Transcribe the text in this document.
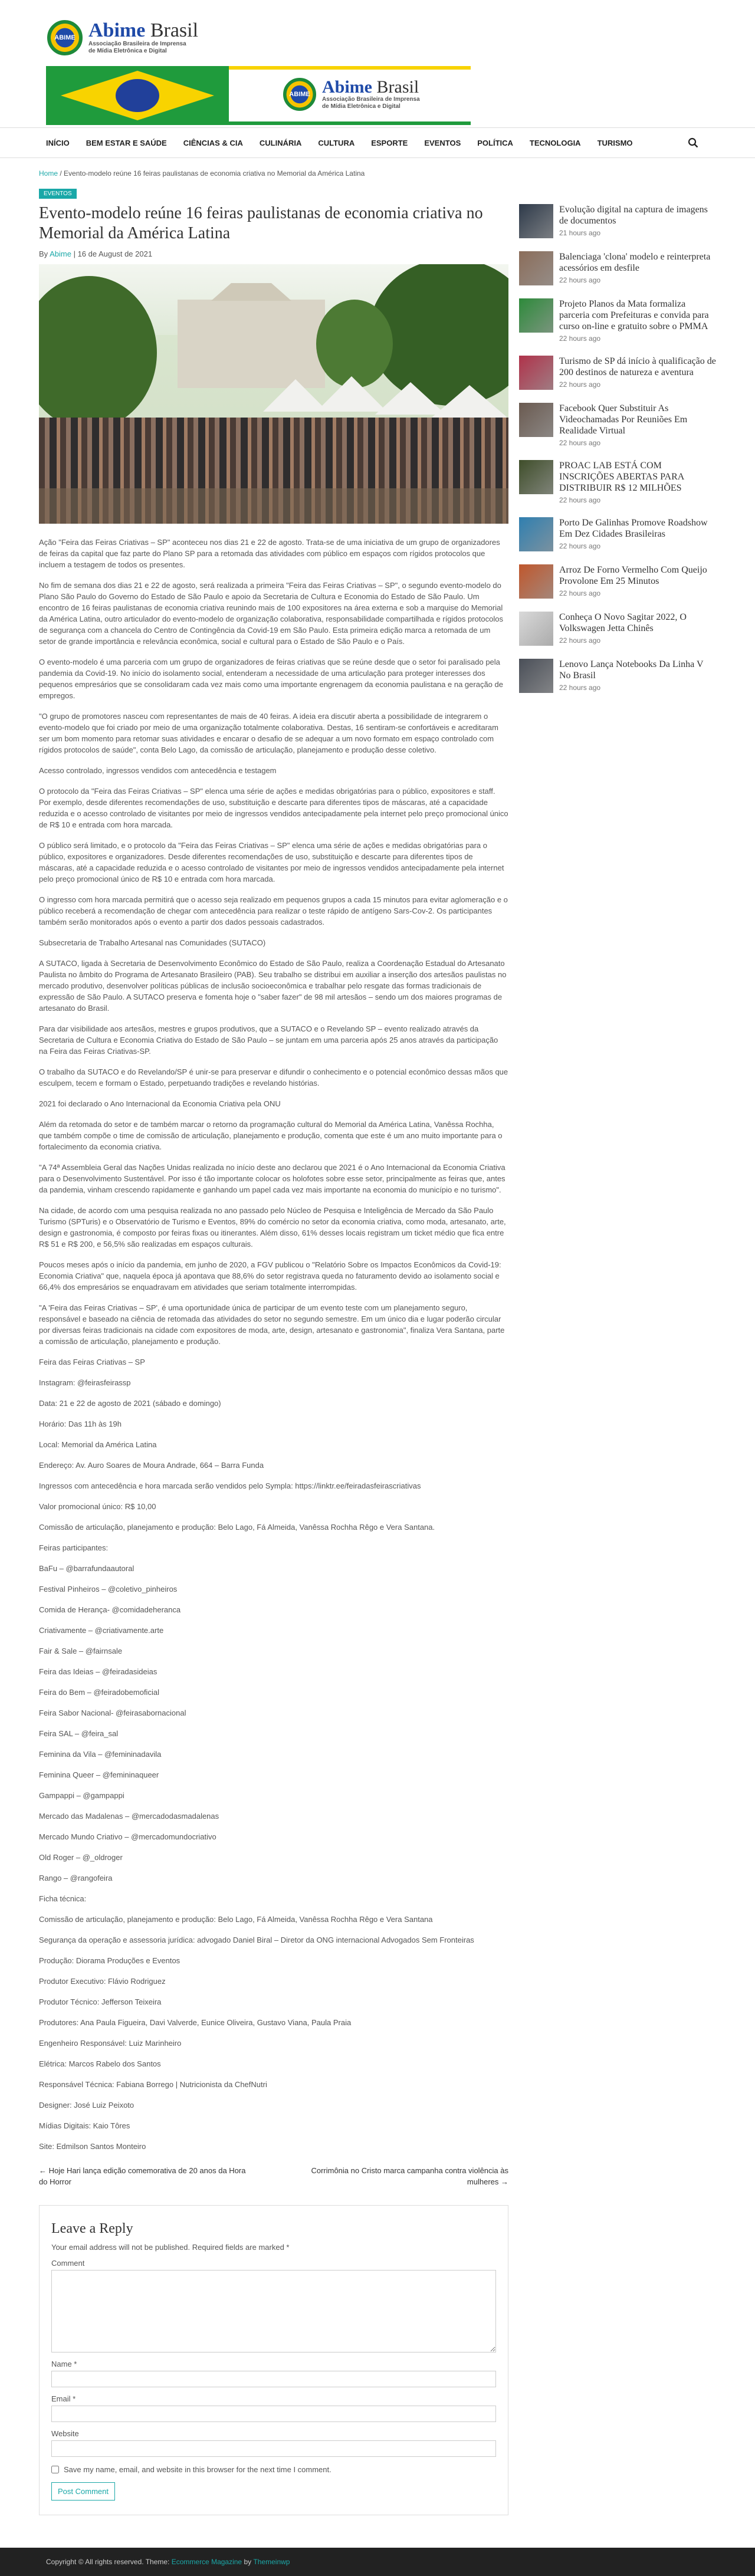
ABIME Abime Brasil
Associação Brasileira de Imprensa
de Mídia Eletrônica e Digital
ABIME Abime Brasil
Associação Brasileira de Imprensa
de Mídia Eletrônica e Digital
INÍCIO BEM ESTAR E SAÚDE CIÊNCIAS & CIA CULINÁRIA CULTURA ESPORTE EVENTOS POLÍTICA TECNOLOGIA TURISMO
Home / Evento-modelo reúne 16 feiras paulistanas de economia criativa no Memorial da América Latina
EVENTOS
Evento-modelo reúne 16 feiras paulistanas de economia criativa no Memorial da América Latina
By Abime | 16 de August de 2021

Ação "Feira das Feiras Criativas – SP" aconteceu nos dias 21 e 22 de agosto. Trata-se de uma iniciativa de um grupo de organizadores de feiras da capital que faz parte do Plano SP para a retomada das atividades com público em espaços com rígidos protocolos que incluem a testagem de todos os presentes.

No fim de semana dos dias 21 e 22 de agosto, será realizada a primeira "Feira das Feiras Criativas – SP", o segundo evento-modelo do Plano São Paulo do Governo do Estado de São Paulo e apoio da Secretaria de Cultura e Economia do Estado de São Paulo. Um encontro de 16 feiras paulistanas de economia criativa reunindo mais de 100 expositores na área externa e sob a marquise do Memorial da América Latina, outro articulador do evento-modelo de organização colaborativa, responsabilidade compartilhada e rígidos protocolos de segurança com a chancela do Centro de Contingência da Covid-19 em São Paulo. Esta primeira edição marca a retomada de um setor de grande importância e relevância econômica, social e cultural para o Estado de São Paulo e o País.

O evento-modelo é uma parceria com um grupo de organizadores de feiras criativas que se reúne desde que o setor foi paralisado pela pandemia da Covid-19. No início do isolamento social, entenderam a necessidade de uma articulação para proteger interesses dos pequenos empresários que se consolidaram cada vez mais como uma importante engrenagem da economia paulistana e na geração de empregos.

"O grupo de promotores nasceu com representantes de mais de 40 feiras. A ideia era discutir aberta a possibilidade de integrarem o evento-modelo que foi criado por meio de uma organização totalmente colaborativa. Destas, 16 sentiram-se confortáveis e acreditaram ser um bom momento para retomar suas atividades e encarar o desafio de se adequar a um novo formato em espaço controlado com rígidos protocolos de saúde", conta Belo Lago, da comissão de articulação, planejamento e produção desse coletivo.

Acesso controlado, ingressos vendidos com antecedência e testagem

O protocolo da "Feira das Feiras Criativas – SP" elenca uma série de ações e medidas obrigatórias para o público, expositores e staff. Por exemplo, desde diferentes recomendações de uso, substituição e descarte para diferentes tipos de máscaras, até a capacidade reduzida e o acesso controlado de visitantes por meio de ingressos vendidos antecipadamente pela internet pelo preço promocional único de R$ 10 e entrada com hora marcada.

O público será limitado, e o protocolo da "Feira das Feiras Criativas – SP" elenca uma série de ações e medidas obrigatórias para o público, expositores e organizadores. Desde diferentes recomendações de uso, substituição e descarte para diferentes tipos de máscaras, até a capacidade reduzida e o acesso controlado de visitantes por meio de ingressos vendidos antecipadamente pela internet pelo preço promocional único de R$ 10 e entrada com hora marcada.

O ingresso com hora marcada permitirá que o acesso seja realizado em pequenos grupos a cada 15 minutos para evitar aglomeração e o público receberá a recomendação de chegar com antecedência para realizar o teste rápido de antígeno Sars-Cov-2. Os participantes também serão monitorados após o evento a partir dos dados pessoais cadastrados.

Subsecretaria de Trabalho Artesanal nas Comunidades (SUTACO)

A SUTACO, ligada à Secretaria de Desenvolvimento Econômico do Estado de São Paulo, realiza a Coordenação Estadual do Artesanato Paulista no âmbito do Programa de Artesanato Brasileiro (PAB). Seu trabalho se distribui em auxiliar a inserção dos artesãos paulistas no mercado produtivo, desenvolver políticas públicas de inclusão socioeconômica e trabalhar pelo resgate das formas tradicionais de expressão de São Paulo. A SUTACO preserva e fomenta hoje o "saber fazer" de 98 mil artesãos – sendo um dos maiores programas de artesanato do Brasil.

Para dar visibilidade aos artesãos, mestres e grupos produtivos, que a SUTACO e o Revelando SP – evento realizado através da Secretaria de Cultura e Economia Criativa do Estado de São Paulo – se juntam em uma parceria após 25 anos através da participação na Feira das Feiras Criativas-SP.

O trabalho da SUTACO e do Revelando/SP é unir-se para preservar e difundir o conhecimento e o potencial econômico dessas mãos que esculpem, tecem e formam o Estado, perpetuando tradições e revelando histórias.

2021 foi declarado o Ano Internacional da Economia Criativa pela ONU

Além da retomada do setor e de também marcar o retorno da programação cultural do Memorial da América Latina, Vanêssa Rochha, que também compõe o time de comissão de articulação, planejamento e produção, comenta que este é um ano muito importante para o fortalecimento da economia criativa.

"A 74ª Assembleia Geral das Nações Unidas realizada no início deste ano declarou que 2021 é o Ano Internacional da Economia Criativa para o Desenvolvimento Sustentável. Por isso é tão importante colocar os holofotes sobre esse setor, principalmente as feiras que, antes da pandemia, vinham crescendo rapidamente e ganhando um papel cada vez mais importante na economia do município e no turismo".

Na cidade, de acordo com uma pesquisa realizada no ano passado pelo Núcleo de Pesquisa e Inteligência de Mercado da São Paulo Turismo (SPTuris) e o Observatório de Turismo e Eventos, 89% do comércio no setor da economia criativa, como moda, artesanato, arte, design e gastronomia, é composto por feiras fixas ou itinerantes. Além disso, 61% desses locais registram um ticket médio que fica entre R$ 51 e R$ 200, e 56,5% são realizadas em espaços culturais.

Poucos meses após o início da pandemia, em junho de 2020, a FGV publicou o "Relatório Sobre os Impactos Econômicos da Covid-19: Economia Criativa" que, naquela época já apontava que 88,6% do setor registrava queda no faturamento devido ao isolamento social e 66,4% dos empresários se enquadravam em atividades que seriam totalmente interrompidas.

"A 'Feira das Feiras Criativas – SP', é uma oportunidade única de participar de um evento teste com um planejamento seguro, responsável e baseado na ciência de retomada das atividades do setor no segundo semestre. Em um único dia e lugar poderão circular por diversas feiras tradicionais na cidade com expositores de moda, arte, design, artesanato e gastronomia", finaliza Vera Santana, parte a comissão de articulação, planejamento e produção.

Feira das Feiras Criativas – SP

Instagram: @feirasfeirassp

Data: 21 e 22 de agosto de 2021 (sábado e domingo)

Horário: Das 11h às 19h

Local: Memorial da América Latina

Endereço: Av. Auro Soares de Moura Andrade, 664 – Barra Funda

Ingressos com antecedência e hora marcada serão vendidos pelo Sympla: https://linktr.ee/feiradasfeirascriativas

Valor promocional único: R$ 10,00

Comissão de articulação, planejamento e produção: Belo Lago, Fá Almeida, Vanêssa Rochha Rêgo e Vera Santana.

Feiras participantes:

BaFu – @barrafundaautoral

Festival Pinheiros – @coletivo_pinheiros

Comida de Herança- @comidadeheranca

Criativamente – @criativamente.arte

Fair & Sale – @fairnsale

Feira das Ideias – @feiradasideias

Feira do Bem – @feiradobemoficial

Feira Sabor Nacional- @feirasabornacional

Feira SAL – @feira_sal

Feminina da Vila – @femininadavila

Feminina Queer – @femininaqueer

Gampappi – @gampappi

Mercado das Madalenas – @mercadodasmadalenas

Mercado Mundo Criativo – @mercadomundocriativo

Old Roger – @_oldroger

Rango – @rangofeira

Ficha técnica:

Comissão de articulação, planejamento e produção: Belo Lago, Fá Almeida, Vanêssa Rochha Rêgo e Vera Santana

Segurança da operação e assessoria jurídica: advogado Daniel Biral – Diretor da ONG internacional Advogados Sem Fronteiras

Produção: Diorama Produções e Eventos

Produtor Executivo: Flávio Rodriguez

Produtor Técnico: Jefferson Teixeira

Produtores: Ana Paula Figueira, Davi Valverde, Eunice Oliveira, Gustavo Viana, Paula Praia

Engenheiro Responsável: Luiz Marinheiro

Elétrica: Marcos Rabelo dos Santos

Responsável Técnica: Fabiana Borrego | Nutricionista da ChefNutri

Designer: José Luiz Peixoto

Mídias Digitais: Kaio Tôres

Site: Edmilson Santos Monteiro

← Hoje Hari lança edição comemorativa de 20 anos da Hora do Horror
Corrimônia no Cristo marca campanha contra violência às mulheres →
Leave a Reply

Your email address will not be published. Required fields are marked *

Comment
Name *
Email *
Website
Save my name, email, and website in this browser for the next time I comment.
Post Comment
Evolução digital na captura de imagens de documentos
21 hours ago
Balenciaga 'clona' modelo e reinterpreta acessórios em desfile
22 hours ago
Projeto Planos da Mata formaliza parceria com Prefeituras e convida para curso on-line e gratuito sobre o PMMA
22 hours ago
Turismo de SP dá início à qualificação de 200 destinos de natureza e aventura
22 hours ago
Facebook Quer Substituir As Videochamadas Por Reuniões Em Realidade Virtual
22 hours ago
PROAC LAB ESTÁ COM INSCRIÇÕES ABERTAS PARA DISTRIBUIR R$ 12 MILHÕES
22 hours ago
Porto De Galinhas Promove Roadshow Em Dez Cidades Brasileiras
22 hours ago
Arroz De Forno Vermelho Com Queijo Provolone Em 25 Minutos
22 hours ago
Conheça O Novo Sagitar 2022, O Volkswagen Jetta Chinês
22 hours ago
Lenovo Lança Notebooks Da Linha V No Brasil
22 hours ago
Copyright © All rights reserved. Theme: Ecommerce Magazine by Themeinwp
